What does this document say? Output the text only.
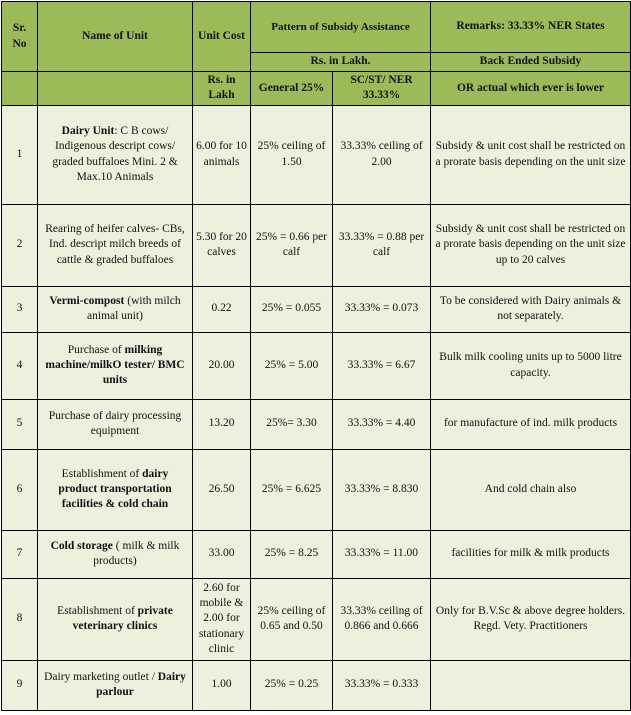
Sr. No	Name of Unit	Unit Cost	Pattern of Subsidy Assistance		Remarks: 33.33% NER States
			Rs. in Lakh.		Back Ended Subsidy
		Rs. in Lakh	General 25%	SC/ST/ NER 33.33%	OR actual which ever is lower
1	Dairy Unit: C B cows/ Indigenous descript cows/ graded buffaloes Mini. 2 & Max.10 Animals	6.00 for 10 animals	25% ceiling of 1.50	33.33% ceiling of 2.00	Subsidy & unit cost shall be restricted on a prorate basis depending on the unit size
2	Rearing of heifer calves- CBs, Ind. descript milch breeds of cattle & graded buffaloes	5.30 for 20 calves	25% = 0.66 per calf	33.33% = 0.88 per calf	Subsidy & unit cost shall be restricted on a prorate basis depending on the unit size up to 20 calves
3	Vermi-compost (with milch animal unit)	0.22	25% = 0.055	33.33% = 0.073	To be considered with Dairy animals & not separately.
4	Purchase of milking machine/milkO tester/ BMC units	20.00	25% = 5.00	33.33% = 6.67	Bulk milk cooling units up to 5000 litre capacity.
5	Purchase of dairy processing equipment	13.20	25%= 3.30	33.33% = 4.40	for manufacture of ind. milk products
6	Establishment of dairy product transportation facilities & cold chain	26.50	25% = 6.625	33.33% = 8.830	And cold chain also
7	Cold storage ( milk & milk products)	33.00	25% = 8.25	33.33% = 11.00	facilities for milk & milk products
8	Establishment of private veterinary clinics	2.60 for mobile & 2.00 for stationary clinic	25% ceiling of 0.65 and 0.50	33.33% ceiling of 0.866 and 0.666	Only for B.V.Sc & above degree holders. Regd. Vety. Practitioners
9	Dairy marketing outlet / Dairy parlour	1.00	25% = 0.25	33.33% = 0.333	
